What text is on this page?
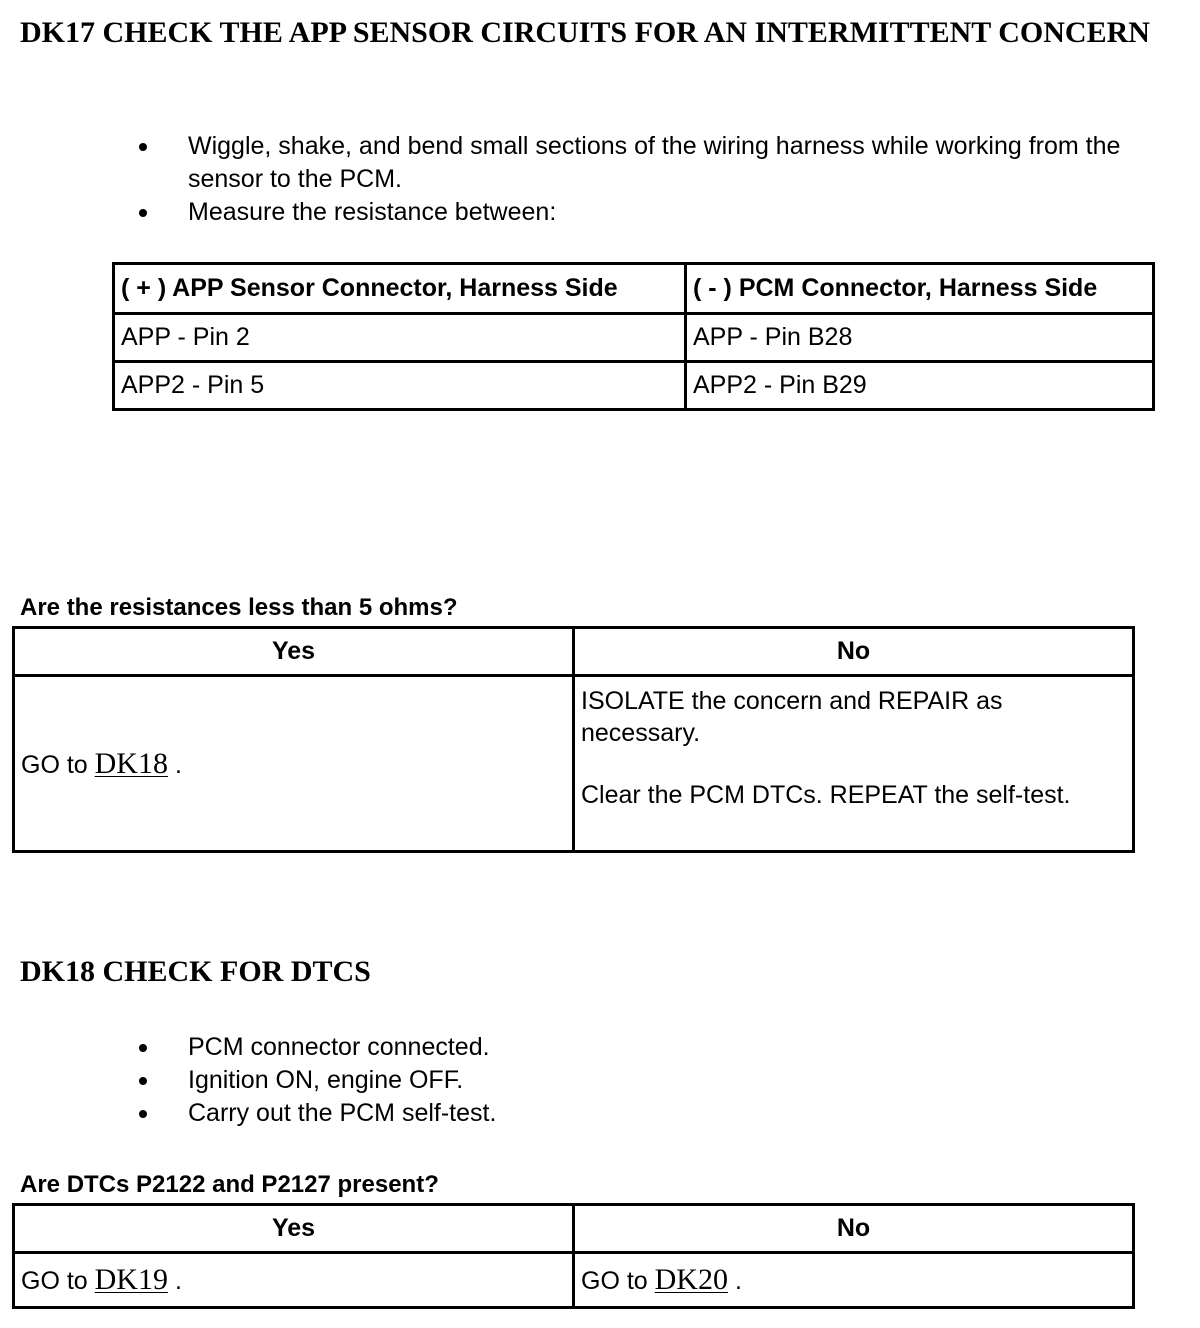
DK17 CHECK THE APP SENSOR CIRCUITS FOR AN INTERMITTENT CONCERN
Wiggle, shake, and bend small sections of the wiring harness while working from the sensor to the PCM.
Measure the resistance between:
( + ) APP Sensor Connector, Harness Side	( - ) PCM Connector, Harness Side
APP - Pin 2	APP - Pin B28
APP2 - Pin 5	APP2 - Pin B29
Are the resistances less than 5 ohms?
Yes	No
GO to DK18 .	ISOLATE the concern and REPAIR as necessary.
Clear the PCM DTCs. REPEAT the self-test.
DK18 CHECK FOR DTCS
PCM connector connected.
Ignition ON, engine OFF.
Carry out the PCM self-test.
Are DTCs P2122 and P2127 present?
Yes	No
GO to DK19 .	GO to DK20 .
